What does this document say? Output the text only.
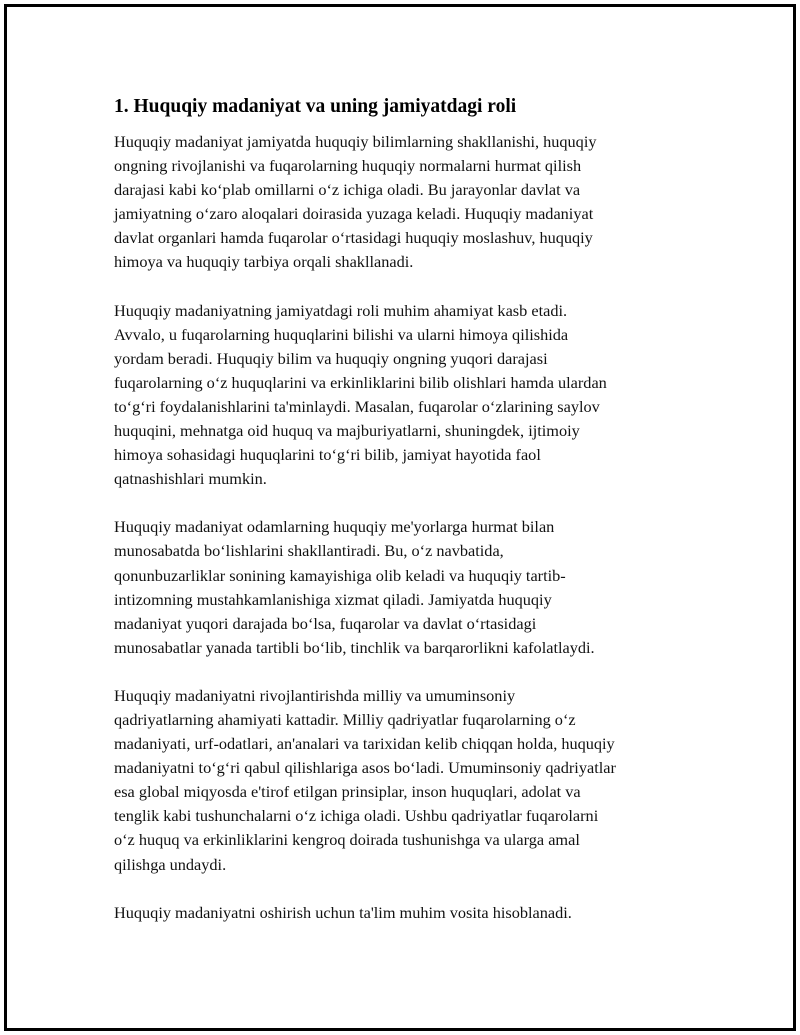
1. Huquqiy madaniyat va uning jamiyatdagi roli

Huquqiy madaniyat jamiyatda huquqiy bilimlarning shakllanishi, huquqiy
ongning rivojlanishi va fuqarolarning huquqiy normalarni hurmat qilish
darajasi kabi ko‘plab omillarni o‘z ichiga oladi. Bu jarayonlar davlat va
jamiyatning o‘zaro aloqalari doirasida yuzaga keladi. Huquqiy madaniyat
davlat organlari hamda fuqarolar o‘rtasidagi huquqiy moslashuv, huquqiy
himoya va huquqiy tarbiya orqali shakllanadi.

Huquqiy madaniyatning jamiyatdagi roli muhim ahamiyat kasb etadi.
Avvalo, u fuqarolarning huquqlarini bilishi va ularni himoya qilishida
yordam beradi. Huquqiy bilim va huquqiy ongning yuqori darajasi
fuqarolarning o‘z huquqlarini va erkinliklarini bilib olishlari hamda ulardan
to‘g‘ri foydalanishlarini ta'minlaydi. Masalan, fuqarolar o‘zlarining saylov
huquqini, mehnatga oid huquq va majburiyatlarni, shuningdek, ijtimoiy
himoya sohasidagi huquqlarini to‘g‘ri bilib, jamiyat hayotida faol
qatnashishlari mumkin.

Huquqiy madaniyat odamlarning huquqiy me'yorlarga hurmat bilan
munosabatda bo‘lishlarini shakllantiradi. Bu, o‘z navbatida,
qonunbuzarliklar sonining kamayishiga olib keladi va huquqiy tartib-
intizomning mustahkamlanishiga xizmat qiladi. Jamiyatda huquqiy
madaniyat yuqori darajada bo‘lsa, fuqarolar va davlat o‘rtasidagi
munosabatlar yanada tartibli bo‘lib, tinchlik va barqarorlikni kafolatlaydi.

Huquqiy madaniyatni rivojlantirishda milliy va umuminsoniy
qadriyatlarning ahamiyati kattadir. Milliy qadriyatlar fuqarolarning o‘z
madaniyati, urf-odatlari, an'analari va tarixidan kelib chiqqan holda, huquqiy
madaniyatni to‘g‘ri qabul qilishlariga asos bo‘ladi. Umuminsoniy qadriyatlar
esa global miqyosda e'tirof etilgan prinsiplar, inson huquqlari, adolat va
tenglik kabi tushunchalarni o‘z ichiga oladi. Ushbu qadriyatlar fuqarolarni
o‘z huquq va erkinliklarini kengroq doirada tushunishga va ularga amal
qilishga undaydi.

Huquqiy madaniyatni oshirish uchun ta'lim muhim vosita hisoblanadi.
